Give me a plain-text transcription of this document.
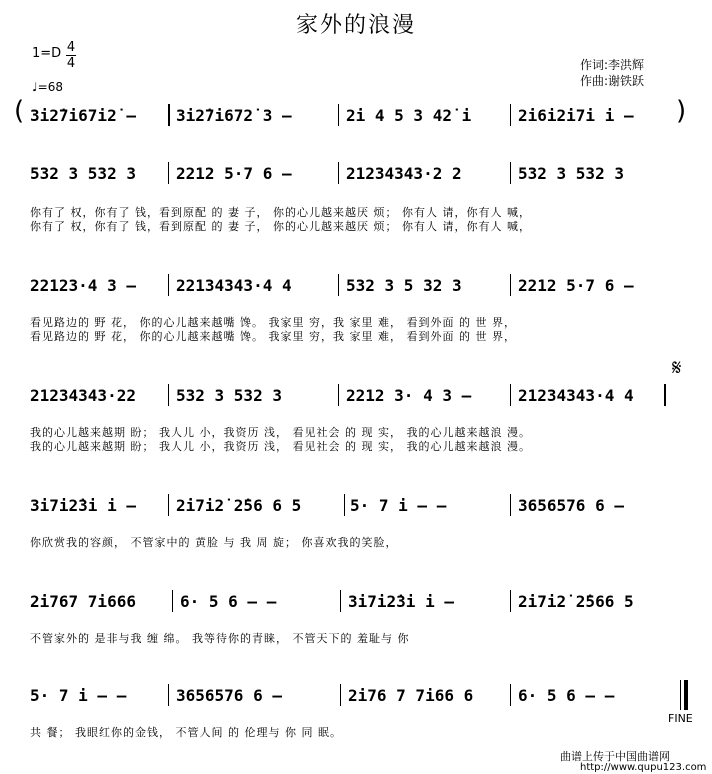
家外的浪漫
1=D 4
4
♩=68
作词:李洪辉
作曲:谢铁跃
(	)
3i2̇7i67i2̇ –	3i2̇7i672̇ 3 –	2̇i 4 5 3 42̇ i	2̇i6i2̇i7i i –
532 3 532 3	2212 5·7 6 –	21234343·2 2	532 3 532 3
你有了 权，你有了 钱，看到原配 的 妻 子， 你的心儿越来越厌 烦； 你有人 请，你有人 喊，
你有了 权，你有了 钱，看到原配 的 妻 子， 你的心儿越来越厌 烦； 你有人 请，你有人 喊，
22123·4 3 –	22134343·4 4	532 3 5 32 3	2212 5·7 6 –
看见路边的 野 花， 你的心儿越来越嘴 馋。 我家里 穷，我 家里 难， 看到外面 的 世 界，
看见路边的 野 花， 你的心儿越来越嘴 馋。 我家里 穷，我 家里 难， 看到外面 的 世 界，
21234343·22	532 3 532 3	2212 3· 4 3 –	21234343·4 4
𝄋
我的心儿越来越期 盼； 我人儿 小，我资历 浅， 看见社会 的 现 实， 我的心儿越来越浪 漫。
我的心儿越来越期 盼； 我人儿 小，我资历 浅， 看见社会 的 现 实， 我的心儿越来越浪 漫。
3i7i2̇3i i –	2̇i7i2̇ 2̇56 6 5	5· 7 i – –	3656576 6 –
你欣赏我的容颜， 不管家中的 黄脸 与 我 周 旋； 你喜欢我的笑脸，
2̇i767 7i666	6· 5 6 – –	3i7i2̇3i i –	2̇i7i2̇ 2̇566 5
不管家外的 是非与我 缠 绵。 我等待你的青睐， 不管天下的 羞耻与 你
5· 7 i – –	3656576 6 –	2̇i76 7 7i66 6	6· 5 6 – –
共 餐； 我眼红你的金钱， 不管人间 的 伦理与 你 同 眠。
FINE
曲谱上传于中国曲谱网
http://www.qupu123.com
